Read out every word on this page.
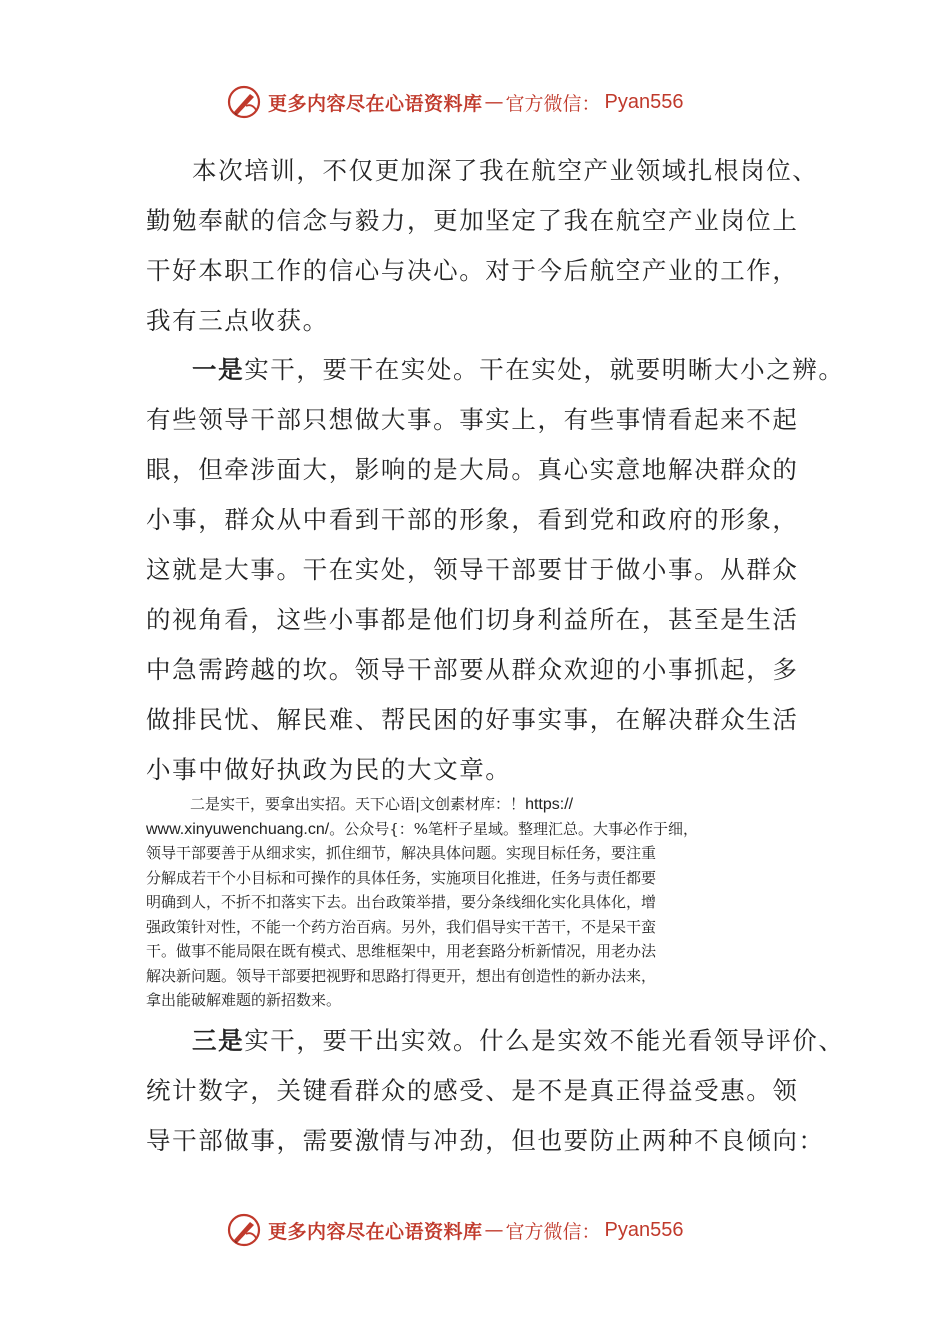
更多内容尽在心语资料库 — 官方微信： Pyan556
本次培训，不仅更加深了我在航空产业领域扎根岗位、
勤勉奉献的信念与毅力，更加坚定了我在航空产业岗位上
干好本职工作的信心与决心。对于今后航空产业的工作，
我有三点收获。
一是实干，要干在实处。干在实处，就要明晰大小之辨。
有些领导干部只想做大事。事实上，有些事情看起来不起
眼，但牵涉面大，影响的是大局。真心实意地解决群众的
小事，群众从中看到干部的形象，看到党和政府的形象，
这就是大事。干在实处，领导干部要甘于做小事。从群众
的视角看，这些小事都是他们切身利益所在，甚至是生活
中急需跨越的坎。领导干部要从群众欢迎的小事抓起，多
做排民忧、解民难、帮民困的好事实事，在解决群众生活
小事中做好执政为民的大文章。
二是实干，要拿出实招。天下心语|文创素材库：！https://
www.xinyuwenchuang.cn/。公众号{：%笔杆子星域。整理汇总。大事必作于细，
领导干部要善于从细求实，抓住细节，解决具体问题。实现目标任务，要注重
分解成若干个小目标和可操作的具体任务，实施项目化推进，任务与责任都要
明确到人，不折不扣落实下去。出台政策举措，要分条线细化实化具体化，增
强政策针对性，不能一个药方治百病。另外，我们倡导实干苦干，不是呆干蛮
干。做事不能局限在既有模式、思维框架中，用老套路分析新情况，用老办法
解决新问题。领导干部要把视野和思路打得更开，想出有创造性的新办法来，
拿出能破解难题的新招数来。
三是实干，要干出实效。什么是实效不能光看领导评价、
统计数字，关键看群众的感受、是不是真正得益受惠。领
导干部做事，需要激情与冲劲，但也要防止两种不良倾向：
更多内容尽在心语资料库 — 官方微信： Pyan556
